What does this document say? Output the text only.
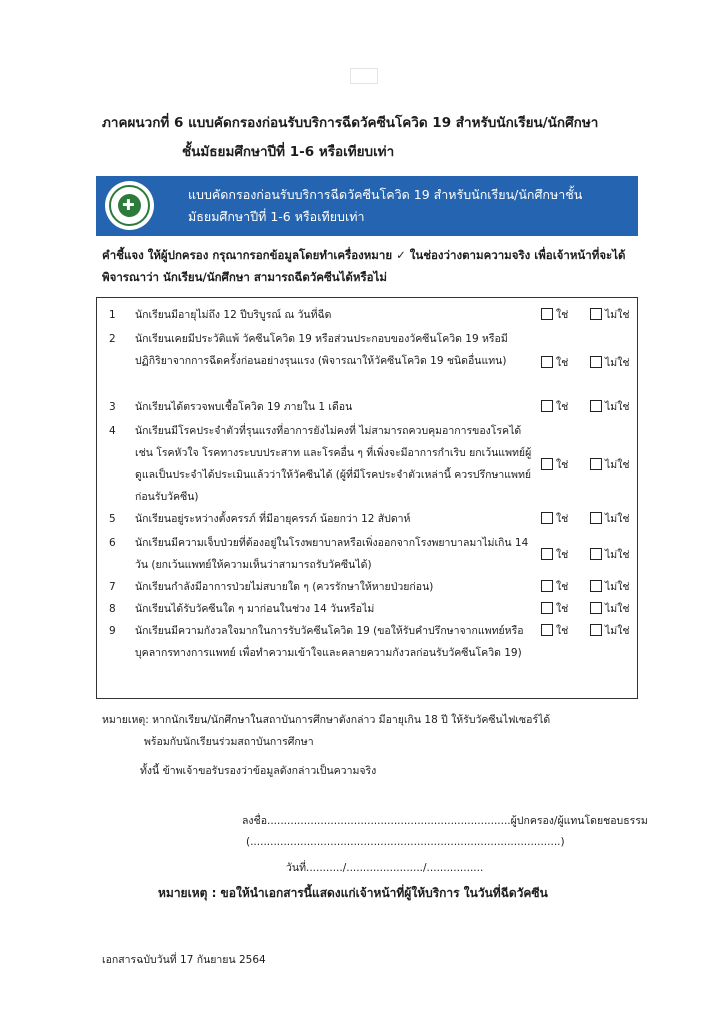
ภาคผนวกที่ 6 แบบคัดกรองก่อนรับบริการฉีดวัคซีนโควิด 19 สำหรับนักเรียน/นักศึกษา
ชั้นมัธยมศึกษาปีที่ 1-6 หรือเทียบเท่า
✚
แบบคัดกรองก่อนรับบริการฉีดวัคซีนโควิด 19 สำหรับนักเรียน/นักศึกษาชั้น
มัธยมศึกษาปีที่ 1-6 หรือเทียบเท่า
คำชี้แจง ให้ผู้ปกครอง กรุณากรอกข้อมูลโดยทำเครื่องหมาย ✓ ในช่องว่างตามความจริง เพื่อเจ้าหน้าที่จะได้
พิจารณาว่า นักเรียน/นักศึกษา สามารถฉีดวัคซีนได้หรือไม่
1 นักเรียนมีอายุไม่ถึง 12 ปีบริบูรณ์ ณ วันที่ฉีด	ใช่	ไม่ใช่
2 นักเรียนเคยมีประวัติแพ้ วัคซีนโควิด 19 หรือส่วนประกอบของวัคซีนโควิด 19 หรือมีปฏิกิริยาจากการฉีดครั้งก่อนอย่างรุนแรง (พิจารณาให้วัคซีนโควิด 19 ชนิดอื่นแทน)	ใช่	ไม่ใช่
3 นักเรียนได้ตรวจพบเชื้อโควิด 19 ภายใน 1 เดือน	ใช่	ไม่ใช่
4 นักเรียนมีโรคประจำตัวที่รุนแรงที่อาการยังไม่คงที่ ไม่สามารถควบคุมอาการของโรคได้ เช่น โรคหัวใจ โรคทางระบบประสาท และโรคอื่น ๆ ที่เพิ่งจะมีอาการกำเริบ ยกเว้นแพทย์ผู้ดูแลเป็นประจำได้ประเมินแล้วว่าให้วัคซีนได้ (ผู้ที่มีโรคประจำตัวเหล่านี้ ควรปรึกษาแพทย์ก่อนรับวัคซีน)
ใช่	ไม่ใช่
5 นักเรียนอยู่ระหว่างตั้งครรภ์ ที่มีอายุครรภ์ น้อยกว่า 12 สัปดาห์	ใช่	ไม่ใช่
6 นักเรียนมีความเจ็บป่วยที่ต้องอยู่ในโรงพยาบาลหรือเพิ่งออกจากโรงพยาบาลมาไม่เกิน 14 วัน (ยกเว้นแพทย์ให้ความเห็นว่าสามารถรับวัคซีนได้)
ใช่	ไม่ใช่
7 นักเรียนกำลังมีอาการป่วยไม่สบายใด ๆ (ควรรักษาให้หายป่วยก่อน)	ใช่	ไม่ใช่
8 นักเรียนได้รับวัคซีนใด ๆ มาก่อนในช่วง 14 วันหรือไม่	ใช่	ไม่ใช่
9 นักเรียนมีความกังวลใจมากในการรับวัคซีนโควิด 19 (ขอให้รับคำปรึกษาจากแพทย์หรือบุคลากรทางการแพทย์ เพื่อทำความเข้าใจและคลายความกังวลก่อนรับวัคซีนโควิด 19)
ใช่	ไม่ใช่
หมายเหตุ: หากนักเรียน/นักศึกษาในสถาบันการศึกษาดังกล่าว มีอายุเกิน 18 ปี ให้รับวัคซีนไฟเซอร์ได้
พร้อมกับนักเรียนร่วมสถาบันการศึกษา
ทั้งนี้ ข้าพเจ้าขอรับรองว่าข้อมูลดังกล่าวเป็นความจริง
ลงชื่อ.........................................................................ผู้ปกครอง/ผู้แทนโดยชอบธรรม
(.............................................................................................)
วันที่.........../......................./.................
หมายเหตุ : ขอให้นำเอกสารนี้แสดงแก่เจ้าหน้าที่ผู้ให้บริการ ในวันที่ฉีดวัคซีน
เอกสารฉบับวันที่ 17 กันยายน 2564
